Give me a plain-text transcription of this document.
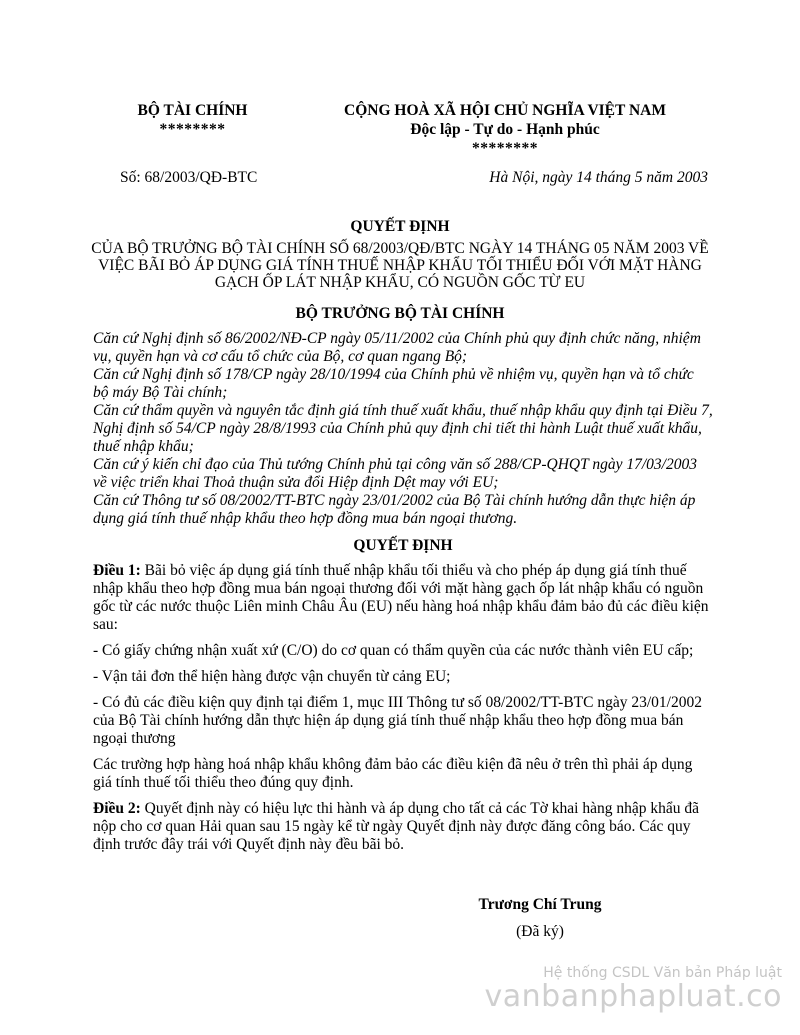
BỘ TÀI CHÍNH
********
CỘNG HOÀ XÃ HỘI CHỦ NGHĨA VIỆT NAM
Độc lập - Tự do - Hạnh phúc
********
Số: 68/2003/QĐ-BTC	Hà Nội, ngày 14 tháng 5 năm 2003
QUYẾT ĐỊNH
CỦA BỘ TRƯỞNG BỘ TÀI CHÍNH SỐ 68/2003/QĐ/BTC NGÀY 14 THÁNG 05 NĂM 2003 VỀ VIỆC BÃI BỎ ÁP DỤNG GIÁ TÍNH THUẾ NHẬP KHẨU TỐI THIỂU ĐỐI VỚI MẶT HÀNG GẠCH ỐP LÁT NHẬP KHẨU, CÓ NGUỒN GỐC TỪ EU
BỘ TRƯỞNG BỘ TÀI CHÍNH

Căn cứ Nghị định số 86/2002/NĐ-CP ngày 05/11/2002 của Chính phủ quy định chức năng, nhiệm vụ, quyền hạn và cơ cấu tổ chức của Bộ, cơ quan ngang Bộ;

Căn cứ Nghị định số 178/CP ngày 28/10/1994 của Chính phủ về nhiệm vụ, quyền hạn và tổ chức bộ máy Bộ Tài chính;

Căn cứ thẩm quyền và nguyên tắc định giá tính thuế xuất khẩu, thuế nhập khẩu quy định tại Điều 7, Nghị định số 54/CP ngày 28/8/1993 của Chính phủ quy định chi tiết thi hành Luật thuế xuất khẩu, thuế nhập khẩu;

Căn cứ ý kiến chỉ đạo của Thủ tướng Chính phủ tại công văn số 288/CP-QHQT ngày 17/03/2003 về việc triển khai Thoả thuận sửa đổi Hiệp định Dệt may với EU;

Căn cứ Thông tư số 08/2002/TT-BTC ngày 23/01/2002 của Bộ Tài chính hướng dẫn thực hiện áp dụng giá tính thuế nhập khẩu theo hợp đồng mua bán ngoại thương.

QUYẾT ĐỊNH

Điều 1: Bãi bỏ việc áp dụng giá tính thuế nhập khẩu tối thiểu và cho phép áp dụng giá tính thuế nhập khẩu theo hợp đồng mua bán ngoại thương đối với mặt hàng gạch ốp lát nhập khẩu có nguồn gốc từ các nước thuộc Liên minh Châu Âu (EU) nếu hàng hoá nhập khẩu đảm bảo đủ các điều kiện sau:

- Có giấy chứng nhận xuất xứ (C/O) do cơ quan có thẩm quyền của các nước thành viên EU cấp;

- Vận tải đơn thể hiện hàng được vận chuyển từ cảng EU;

- Có đủ các điều kiện quy định tại điểm 1, mục III Thông tư số 08/2002/TT-BTC ngày 23/01/2002 của Bộ Tài chính hướng dẫn thực hiện áp dụng giá tính thuế nhập khẩu theo hợp đồng mua bán ngoại thương

Các trường hợp hàng hoá nhập khẩu không đảm bảo các điều kiện đã nêu ở trên thì phải áp dụng giá tính thuế tối thiểu theo đúng quy định.

Điều 2: Quyết định này có hiệu lực thi hành và áp dụng cho tất cả các Tờ khai hàng nhập khẩu đã nộp cho cơ quan Hải quan sau 15 ngày kể từ ngày Quyết định này được đăng công báo. Các quy định trước đây trái với Quyết định này đều bãi bỏ.

Trương Chí Trung
(Đã ký)
Hệ thống CSDL Văn bản Pháp luật
vanbanphapluat.co
